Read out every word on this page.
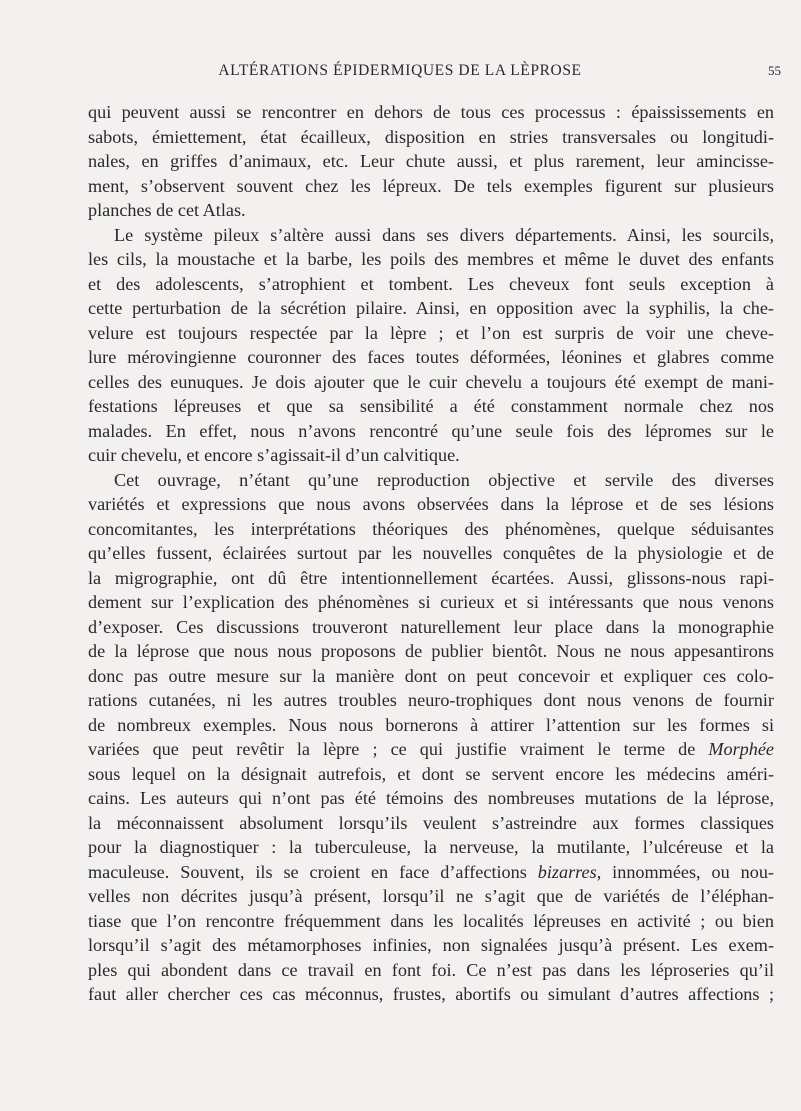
ALTÉRATIONS ÉPIDERMIQUES DE LA LÈPROSE	55

qui peuvent aussi se rencontrer en dehors de tous ces processus : épaississements en
sabots, émiettement, état écailleux, disposition en stries transversales ou longitudi-
nales, en griffes d’animaux, etc. Leur chute aussi, et plus rarement, leur amincisse-
ment, s’observent souvent chez les lépreux. De tels exemples figurent sur plusieurs
planches de cet Atlas.

Le système pileux s’altère aussi dans ses divers départements. Ainsi, les sourcils,
les cils, la moustache et la barbe, les poils des membres et même le duvet des enfants
et des adolescents, s’atrophient et tombent. Les cheveux font seuls exception à
cette perturbation de la sécrétion pilaire. Ainsi, en opposition avec la syphilis, la che-
velure est toujours respectée par la lèpre ; et l’on est surpris de voir une cheve-
lure mérovingienne couronner des faces toutes déformées, léonines et glabres comme
celles des eunuques. Je dois ajouter que le cuir chevelu a toujours été exempt de mani-
festations lépreuses et que sa sensibilité a été constamment normale chez nos
malades. En effet, nous n’avons rencontré qu’une seule fois des lépromes sur le
cuir chevelu, et encore s’agissait-il d’un calvitique.

Cet ouvrage, n’étant qu’une reproduction objective et servile des diverses
variétés et expressions que nous avons observées dans la léprose et de ses lésions
concomitantes, les interprétations théoriques des phénomènes, quelque séduisantes
qu’elles fussent, éclairées surtout par les nouvelles conquêtes de la physiologie et de
la migrographie, ont dû être intentionnellement écartées. Aussi, glissons-nous rapi-
dement sur l’explication des phénomènes si curieux et si intéressants que nous venons
d’exposer. Ces discussions trouveront naturellement leur place dans la monographie
de la léprose que nous nous proposons de publier bientôt. Nous ne nous appesantirons
donc pas outre mesure sur la manière dont on peut concevoir et expliquer ces colo-
rations cutanées, ni les autres troubles neuro-trophiques dont nous venons de fournir
de nombreux exemples. Nous nous bornerons à attirer l’attention sur les formes si
variées que peut revêtir la lèpre ; ce qui justifie vraiment le terme de Morphée
sous lequel on la désignait autrefois, et dont se servent encore les médecins améri-
cains. Les auteurs qui n’ont pas été témoins des nombreuses mutations de la léprose,
la méconnaissent absolument lorsqu’ils veulent s’astreindre aux formes classiques
pour la diagnostiquer : la tuberculeuse, la nerveuse, la mutilante, l’ulcéreuse et la
maculeuse. Souvent, ils se croient en face d’affections bizarres, innommées, ou nou-
velles non décrites jusqu’à présent, lorsqu’il ne s’agit que de variétés de l’éléphan-
tiase que l’on rencontre fréquemment dans les localités lépreuses en activité ; ou bien
lorsqu’il s’agit des métamorphoses infinies, non signalées jusqu’à présent. Les exem-
ples qui abondent dans ce travail en font foi. Ce n’est pas dans les léproseries qu’il
faut aller chercher ces cas méconnus, frustes, abortifs ou simulant d’autres affections ;
